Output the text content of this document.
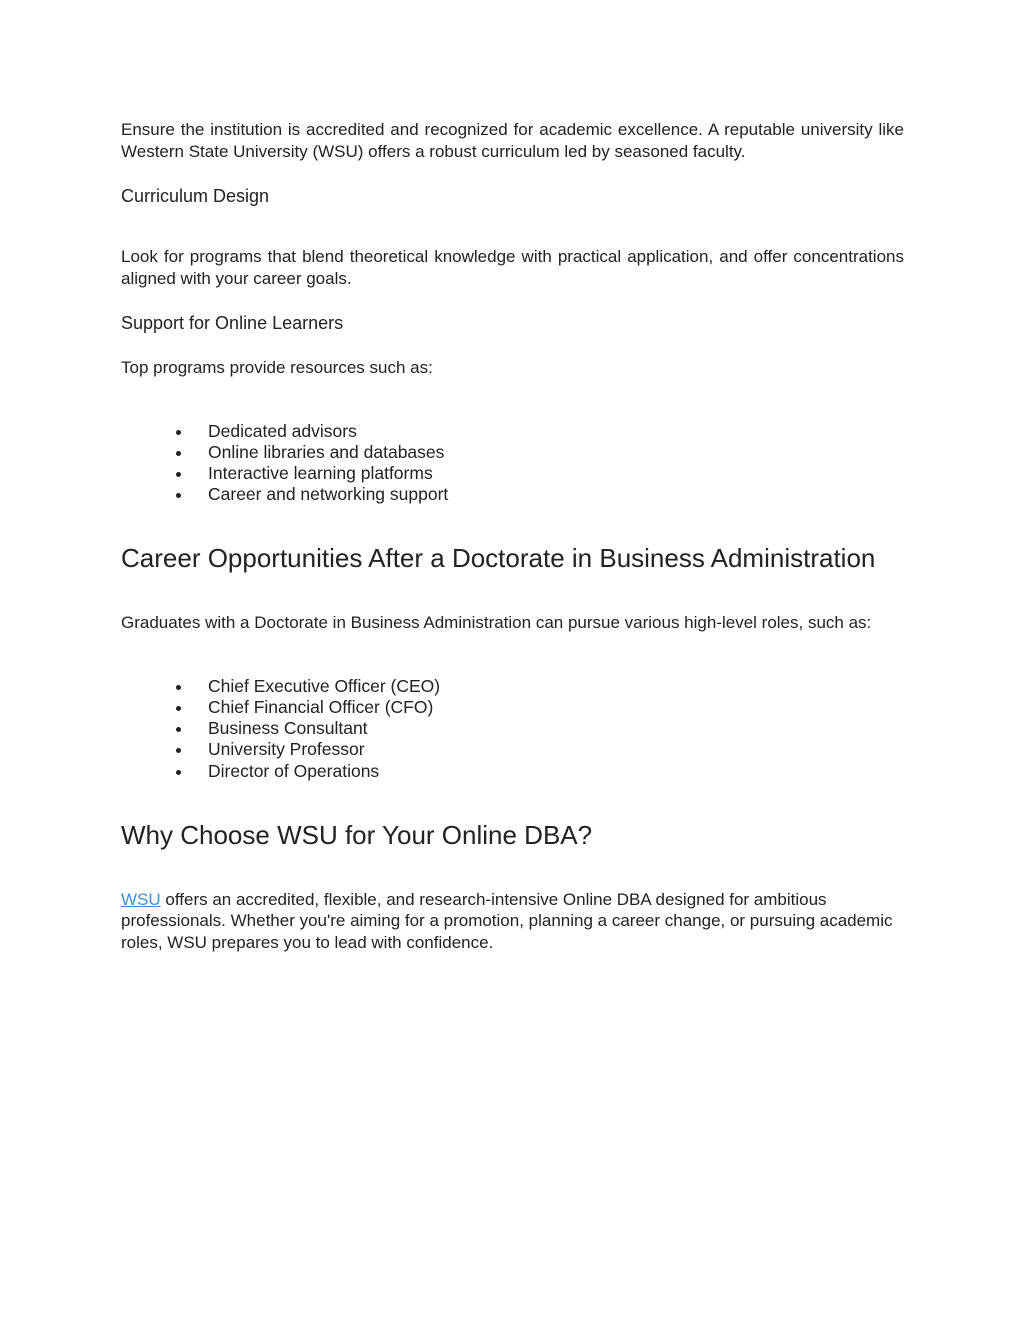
Ensure the institution is accredited and recognized for academic excellence. A reputable university like Western State University (WSU) offers a robust curriculum led by seasoned faculty.

Curriculum Design

Look for programs that blend theoretical knowledge with practical application, and offer concentrations aligned with your career goals.

Support for Online Learners

Top programs provide resources such as:

Dedicated advisors
Online libraries and databases
Interactive learning platforms
Career and networking support
Career Opportunities After a Doctorate in Business Administration

Graduates with a Doctorate in Business Administration can pursue various high-level roles, such as:

Chief Executive Officer (CEO)
Chief Financial Officer (CFO)
Business Consultant
University Professor
Director of Operations
Why Choose WSU for Your Online DBA?

WSU offers an accredited, flexible, and research-intensive Online DBA designed for ambitious professionals. Whether you're aiming for a promotion, planning a career change, or pursuing academic roles, WSU prepares you to lead with confidence.
